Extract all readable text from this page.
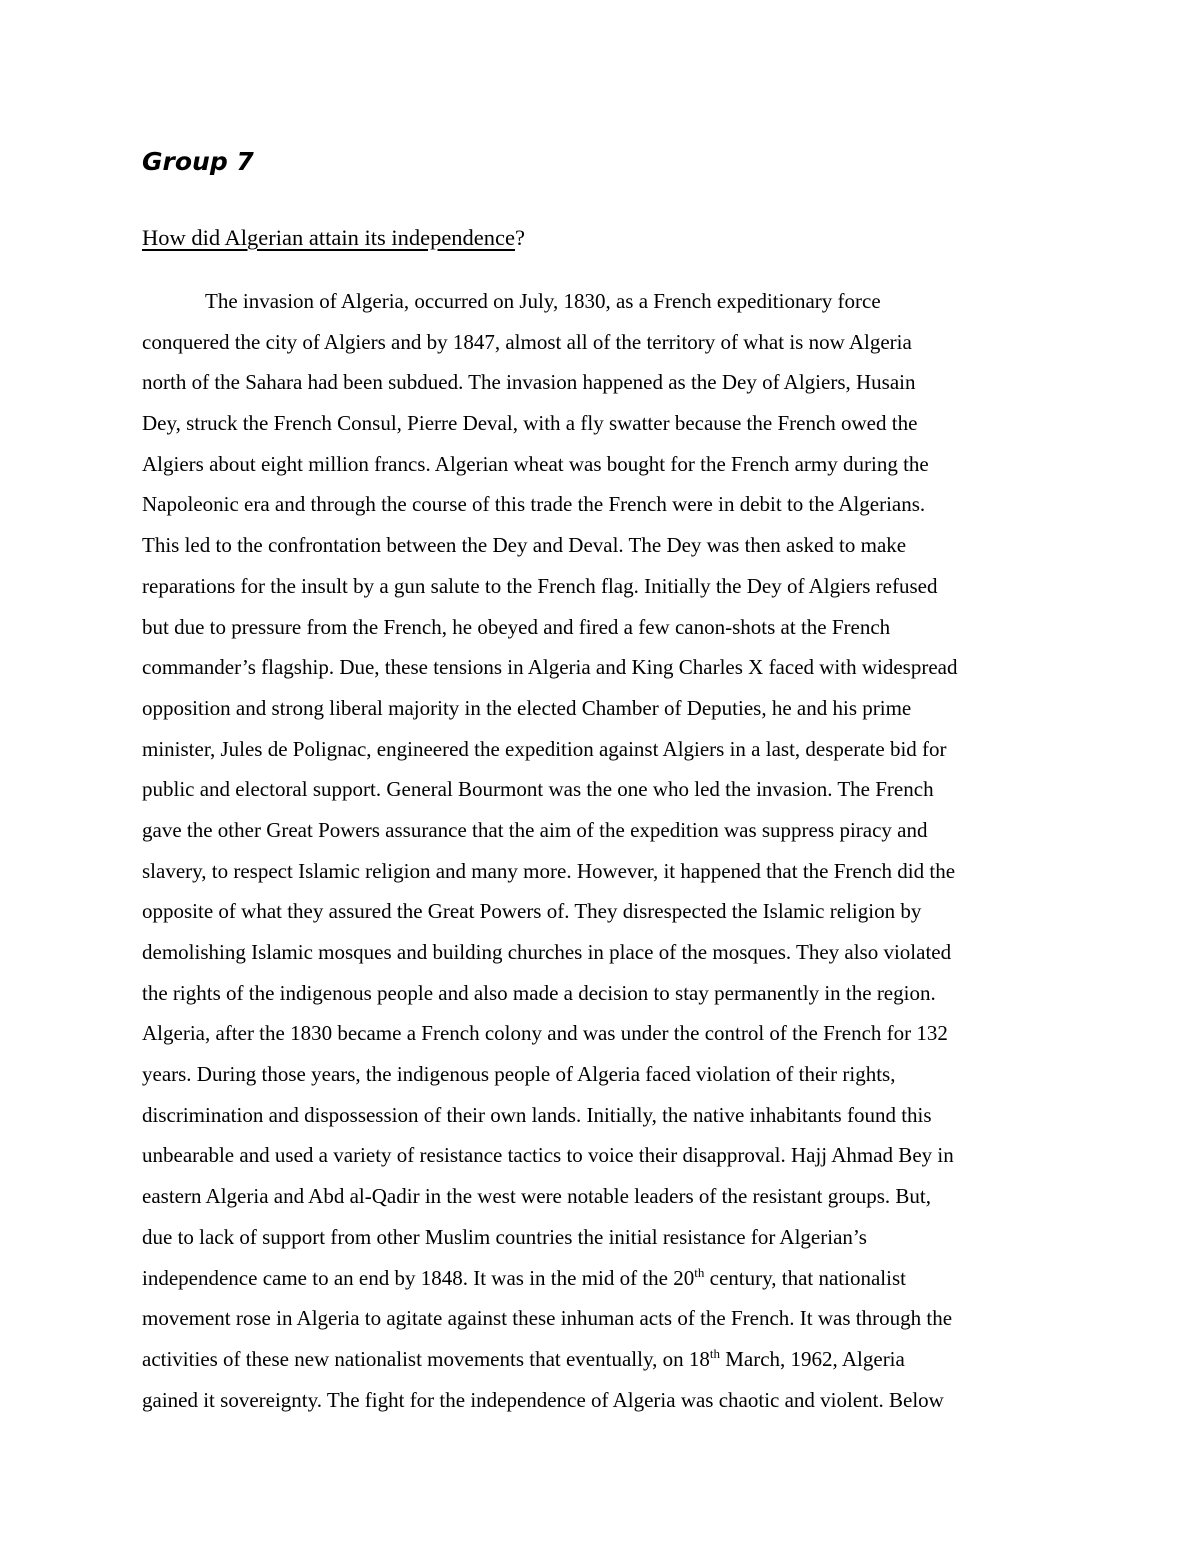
Group 7

How did Algerian attain its independence?

The invasion of Algeria, occurred on July, 1830, as a French expeditionary force
conquered the city of Algiers and by 1847, almost all of the territory of what is now Algeria
north of the Sahara had been subdued. The invasion happened as the Dey of Algiers, Husain
Dey, struck the French Consul, Pierre Deval, with a fly swatter because the French owed the
Algiers about eight million francs. Algerian wheat was bought for the French army during the
Napoleonic era and through the course of this trade the French were in debit to the Algerians.
This led to the confrontation between the Dey and Deval. The Dey was then asked to make
reparations for the insult by a gun salute to the French flag. Initially the Dey of Algiers refused
but due to pressure from the French, he obeyed and fired a few canon-shots at the French
commander’s flagship. Due, these tensions in Algeria and King Charles X faced with widespread
opposition and strong liberal majority in the elected Chamber of Deputies, he and his prime
minister, Jules de Polignac, engineered the expedition against Algiers in a last, desperate bid for
public and electoral support. General Bourmont was the one who led the invasion. The French
gave the other Great Powers assurance that the aim of the expedition was suppress piracy and
slavery, to respect Islamic religion and many more. However, it happened that the French did the
opposite of what they assured the Great Powers of. They disrespected the Islamic religion by
demolishing Islamic mosques and building churches in place of the mosques. They also violated
the rights of the indigenous people and also made a decision to stay permanently in the region.
Algeria, after the 1830 became a French colony and was under the control of the French for 132
years. During those years, the indigenous people of Algeria faced violation of their rights,
discrimination and dispossession of their own lands. Initially, the native inhabitants found this
unbearable and used a variety of resistance tactics to voice their disapproval. Hajj Ahmad Bey in
eastern Algeria and Abd al-Qadir in the west were notable leaders of the resistant groups. But,
due to lack of support from other Muslim countries the initial resistance for Algerian’s
independence came to an end by 1848. It was in the mid of the 20th century, that nationalist
movement rose in Algeria to agitate against these inhuman acts of the French. It was through the
activities of these new nationalist movements that eventually, on 18th March, 1962, Algeria
gained it sovereignty. The fight for the independence of Algeria was chaotic and violent. Below
